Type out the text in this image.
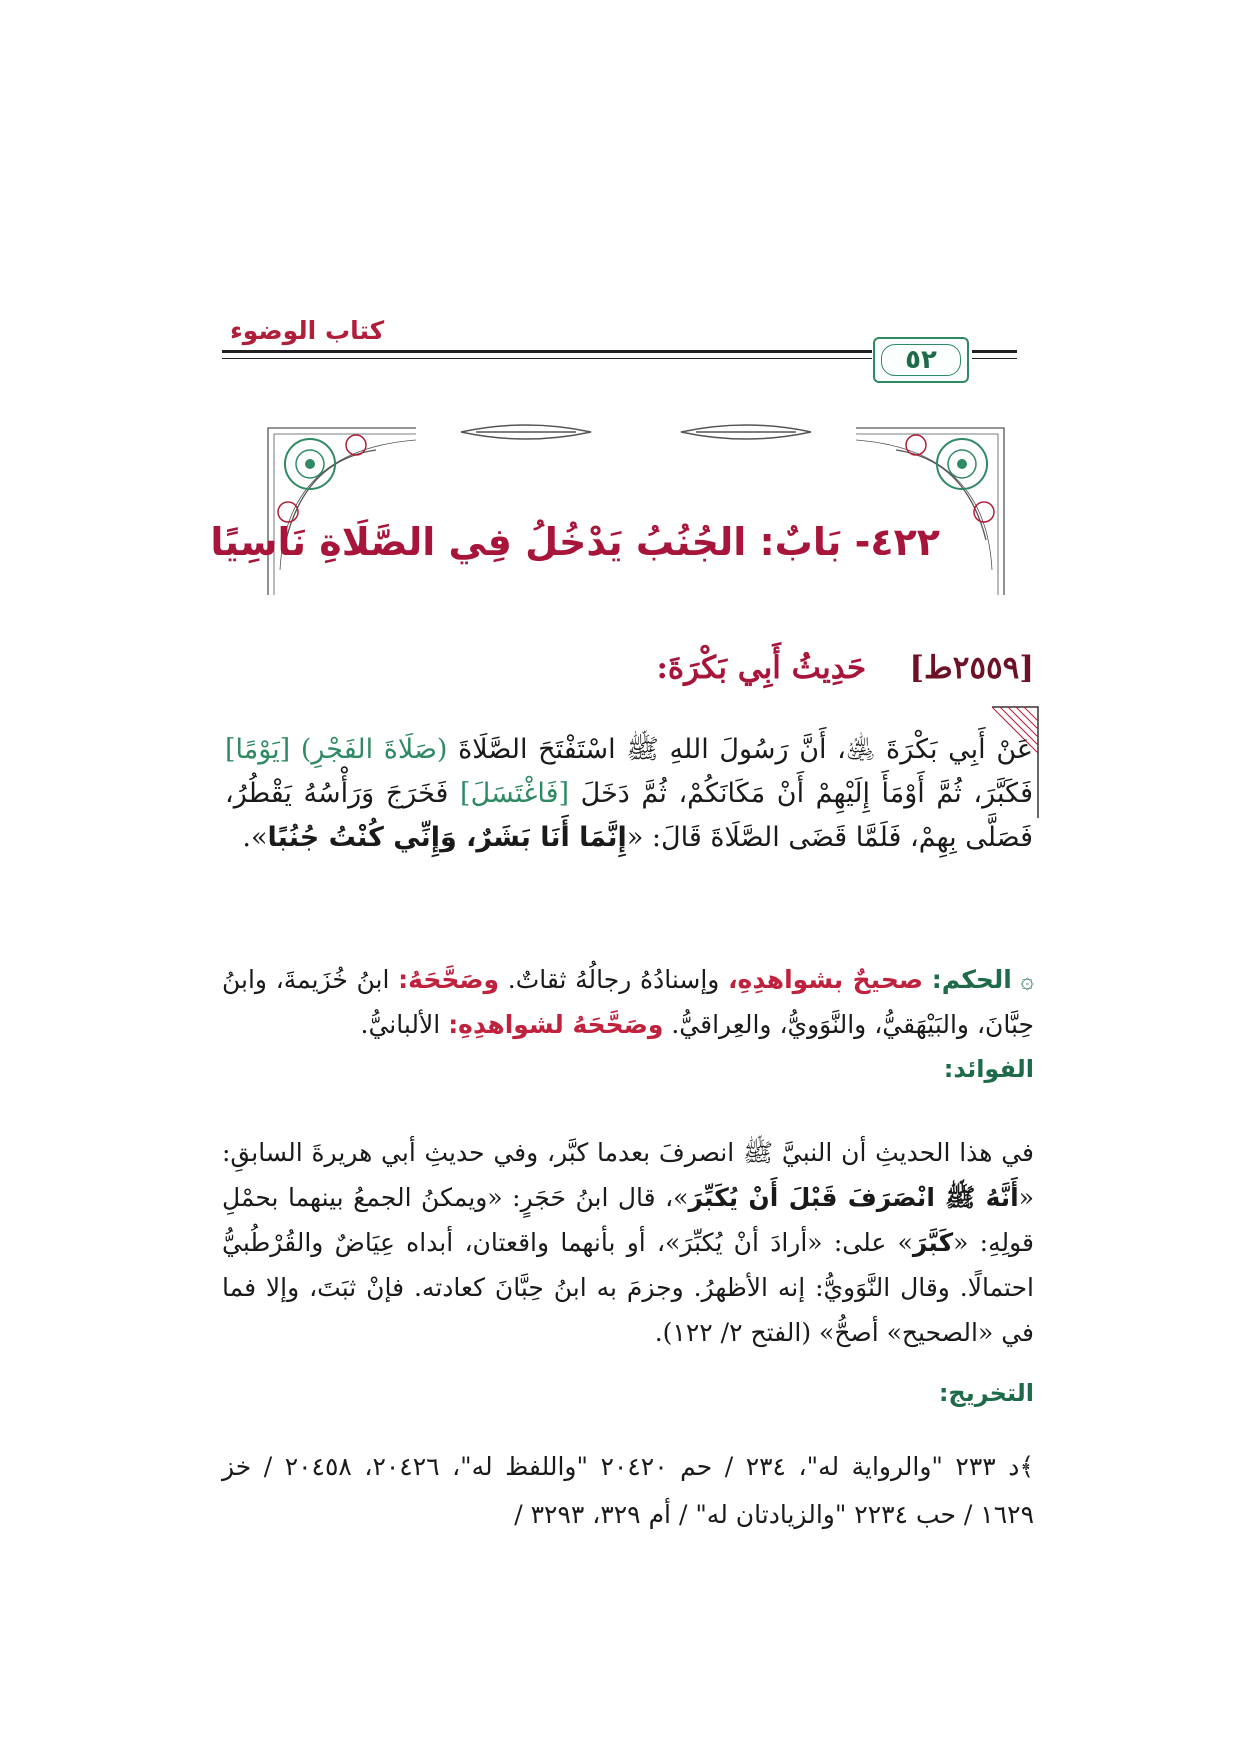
كتاب الوضوء
٥٢
٤٢٢- بَابٌ: الجُنُبُ يَدْخُلُ فِي الصَّلَاةِ نَاسِيًا
[٢٥٥٩ط]    حَدِيثُ أَبِي بَكْرَةَ:
عَنْ أَبِي بَكْرَةَ ﵁، أَنَّ رَسُولَ اللهِ ﷺ اسْتَفْتَحَ الصَّلَاةَ (صَلَاةَ الفَجْرِ) [يَوْمًا] فَكَبَّرَ، ثُمَّ أَوْمَأَ إِلَيْهِمْ أَنْ مَكَانَكُمْ، ثُمَّ دَخَلَ [فَاغْتَسَلَ] فَخَرَجَ وَرَأْسُهُ يَقْطُرُ، فَصَلَّى بِهِمْ، فَلَمَّا قَضَى الصَّلَاةَ قَالَ: «إِنَّمَا أَنَا بَشَرٌ، وَإِنِّي كُنْتُ جُنُبًا».
۞ الحكم: صحيحٌ بشواهدِهِ، وإسنادُهُ رجالُهُ ثقاتٌ. وصَحَّحَهُ: ابنُ خُزَيمةَ، وابنُ حِبَّانَ، والبَيْهَقيُّ، والنَّوَويُّ، والعِراقيُّ. وصَحَّحَهُ لشواهدِهِ: الألبانيُّ.
الفوائد:
في هذا الحديثِ أن النبيَّ ﷺ انصرفَ بعدما كبَّر، وفي حديثِ أبي هريرةَ السابقِ: «أَنَّهُ ﷺ انْصَرَفَ قَبْلَ أَنْ يُكَبِّرَ»، قال ابنُ حَجَرٍ: «ويمكنُ الجمعُ بينهما بحمْلِ قولِهِ: «كَبَّرَ» على: «أرادَ أنْ يُكبِّرَ»، أو بأنهما واقعتان، أبداه عِيَاضٌ والقُرْطُبيُّ احتمالًا. وقال النَّوَويُّ: إنه الأظهرُ. وجزمَ به ابنُ حِبَّانَ كعادته. فإنْ ثبَتَ، وإلا فما في «الصحيح» أصحُّ» (الفتح ٢/ ١٢٢).
التخريج:
﴾د ٢٣٣ "والرواية له"، ٢٣٤ / حم ٢٠٤٢٠ "واللفظ له"، ٢٠٤٢٦، ٢٠٤٥٨ / خز ١٦٢٩ / حب ٢٢٣٤ "والزيادتان له" / أم ٣٢٩، ٣٢٩٣ /
